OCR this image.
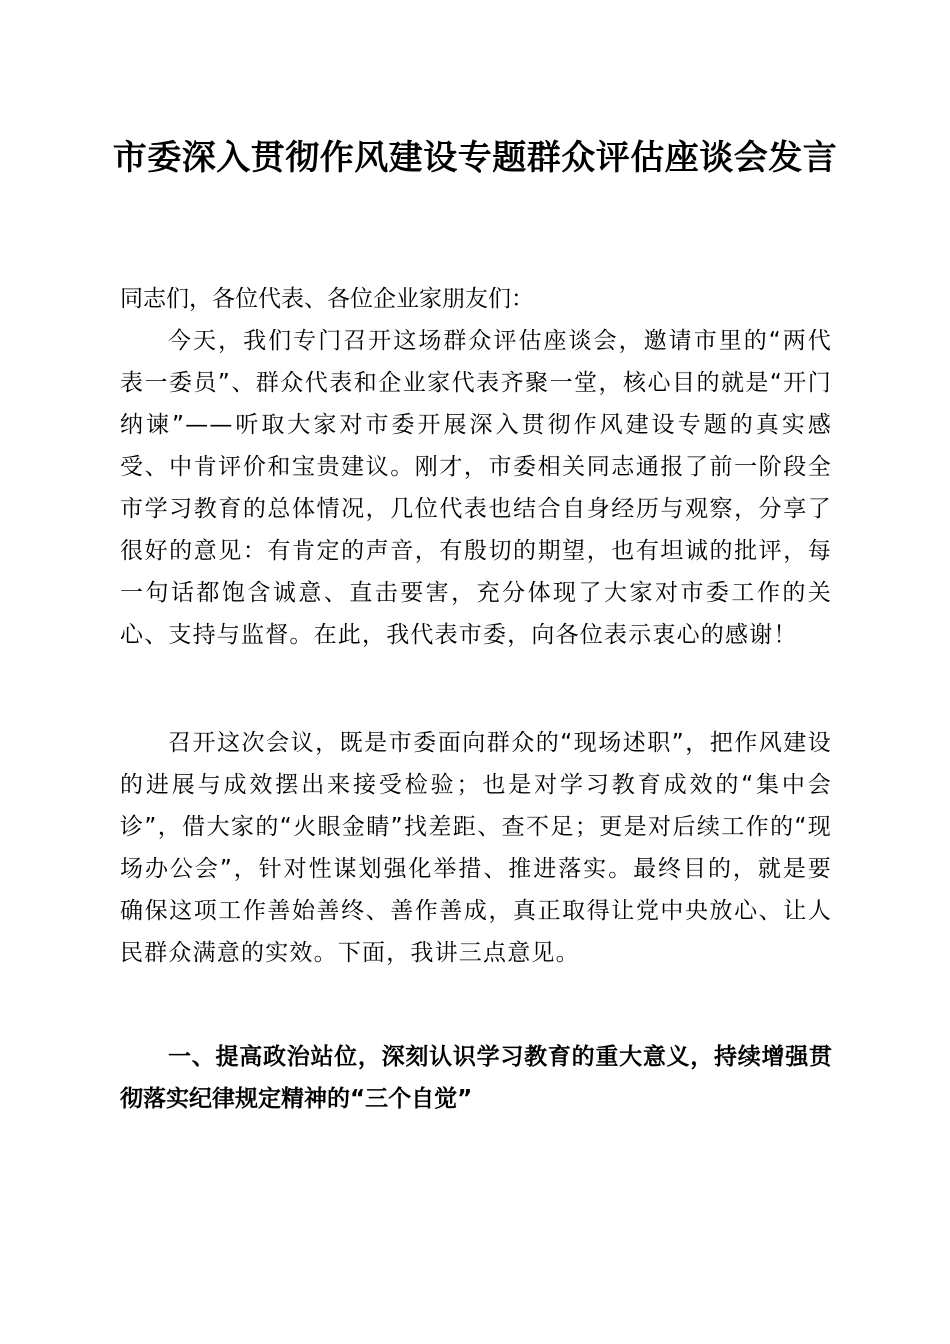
市委深入贯彻作风建设专题群众评估座谈会发言

同志们，各位代表、各位企业家朋友们：

今天，我们专门召开这场群众评估座谈会，邀请市里的“两代表一委员”、群众代表和企业家代表齐聚一堂，核心目的就是“开门纳谏”——听取大家对市委开展深入贯彻作风建设专题的真实感受、中肯评价和宝贵建议。刚才，市委相关同志通报了前一阶段全市学习教育的总体情况，几位代表也结合自身经历与观察，分享了很好的意见：有肯定的声音，有殷切的期望，也有坦诚的批评，每一句话都饱含诚意、直击要害，充分体现了大家对市委工作的关心、支持与监督。在此，我代表市委，向各位表示衷心的感谢！

召开这次会议，既是市委面向群众的“现场述职”，把作风建设的进展与成效摆出来接受检验；也是对学习教育成效的“集中会诊”，借大家的“火眼金睛”找差距、查不足；更是对后续工作的“现场办公会”，针对性谋划强化举措、推进落实。最终目的，就是要确保这项工作善始善终、善作善成，真正取得让党中央放心、让人民群众满意的实效。下面，我讲三点意见。

一、提高政治站位，深刻认识学习教育的重大意义，持续增强贯彻落实纪律规定精神的“三个自觉”
